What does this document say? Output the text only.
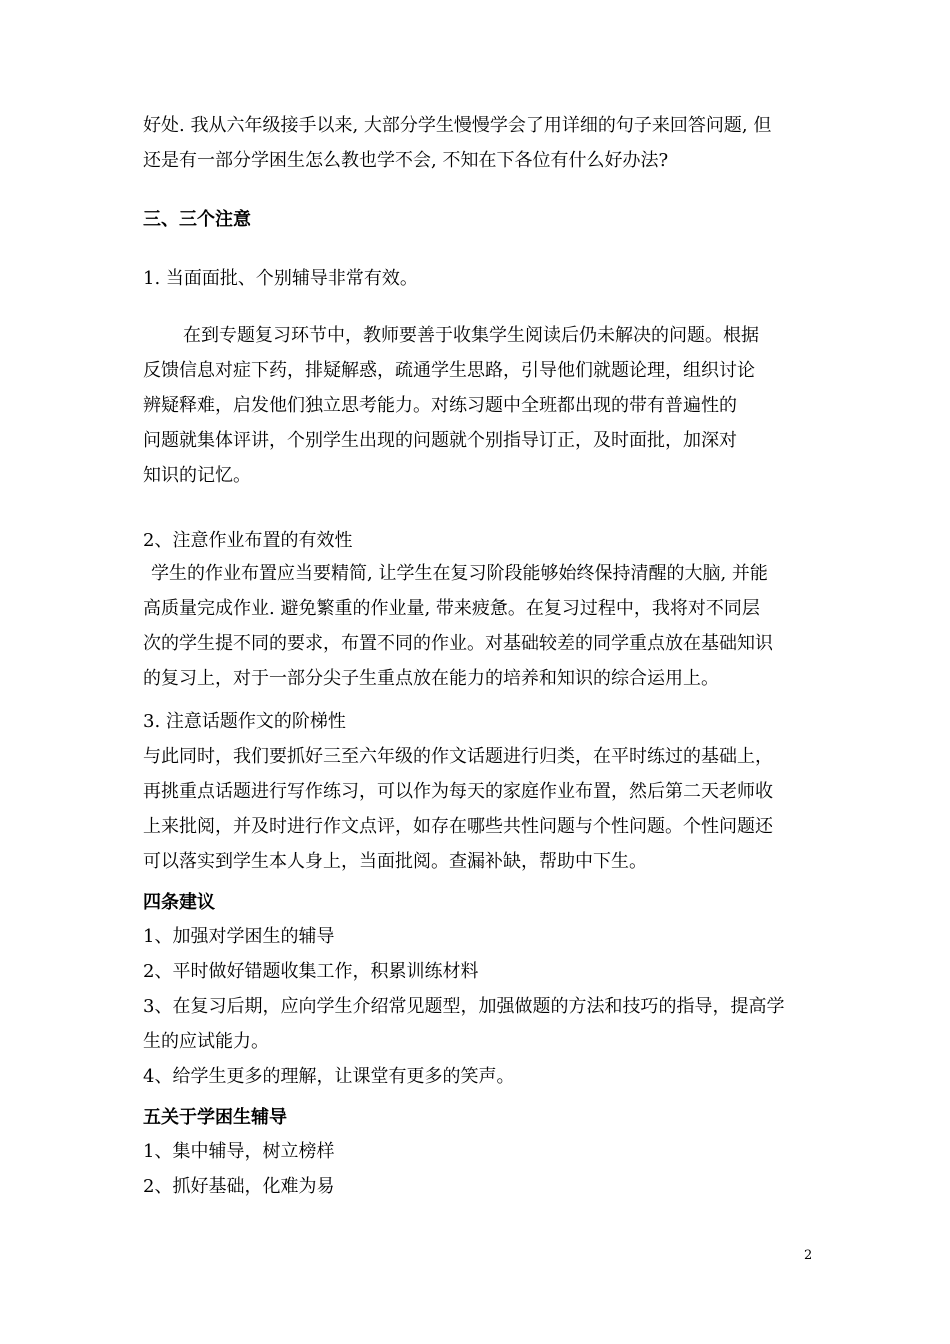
好处. 我从六年级接手以来, 大部分学生慢慢学会了用详细的句子来回答问题, 但
还是有一部分学困生怎么教也学不会, 不知在下各位有什么好办法?
三、三个注意
1. 当面面批、个别辅导非常有效。
在到专题复习环节中，教师要善于收集学生阅读后仍未解决的问题。根据
反馈信息对症下药，排疑解惑，疏通学生思路，引导他们就题论理，组织讨论
辨疑释难，启发他们独立思考能力。对练习题中全班都出现的带有普遍性的
问题就集体评讲，个别学生出现的问题就个别指导订正，及时面批，加深对
知识的记忆。
2、注意作业布置的有效性
学生的作业布置应当要精简, 让学生在复习阶段能够始终保持清醒的大脑, 并能
高质量完成作业. 避免繁重的作业量, 带来疲惫。在复习过程中，我将对不同层
次的学生提不同的要求，布置不同的作业。对基础较差的同学重点放在基础知识
的复习上，对于一部分尖子生重点放在能力的培养和知识的综合运用上。
3. 注意话题作文的阶梯性
与此同时，我们要抓好三至六年级的作文话题进行归类，在平时练过的基础上，
再挑重点话题进行写作练习，可以作为每天的家庭作业布置，然后第二天老师收
上来批阅，并及时进行作文点评，如存在哪些共性问题与个性问题。个性问题还
可以落实到学生本人身上，当面批阅。查漏补缺，帮助中下生。
四条建议
1、加强对学困生的辅导
2、平时做好错题收集工作，积累训练材料
3、在复习后期，应向学生介绍常见题型，加强做题的方法和技巧的指导，提高学
生的应试能力。
4、给学生更多的理解，让课堂有更多的笑声。
五关于学困生辅导
1、集中辅导，树立榜样
2、抓好基础，化难为易
2
